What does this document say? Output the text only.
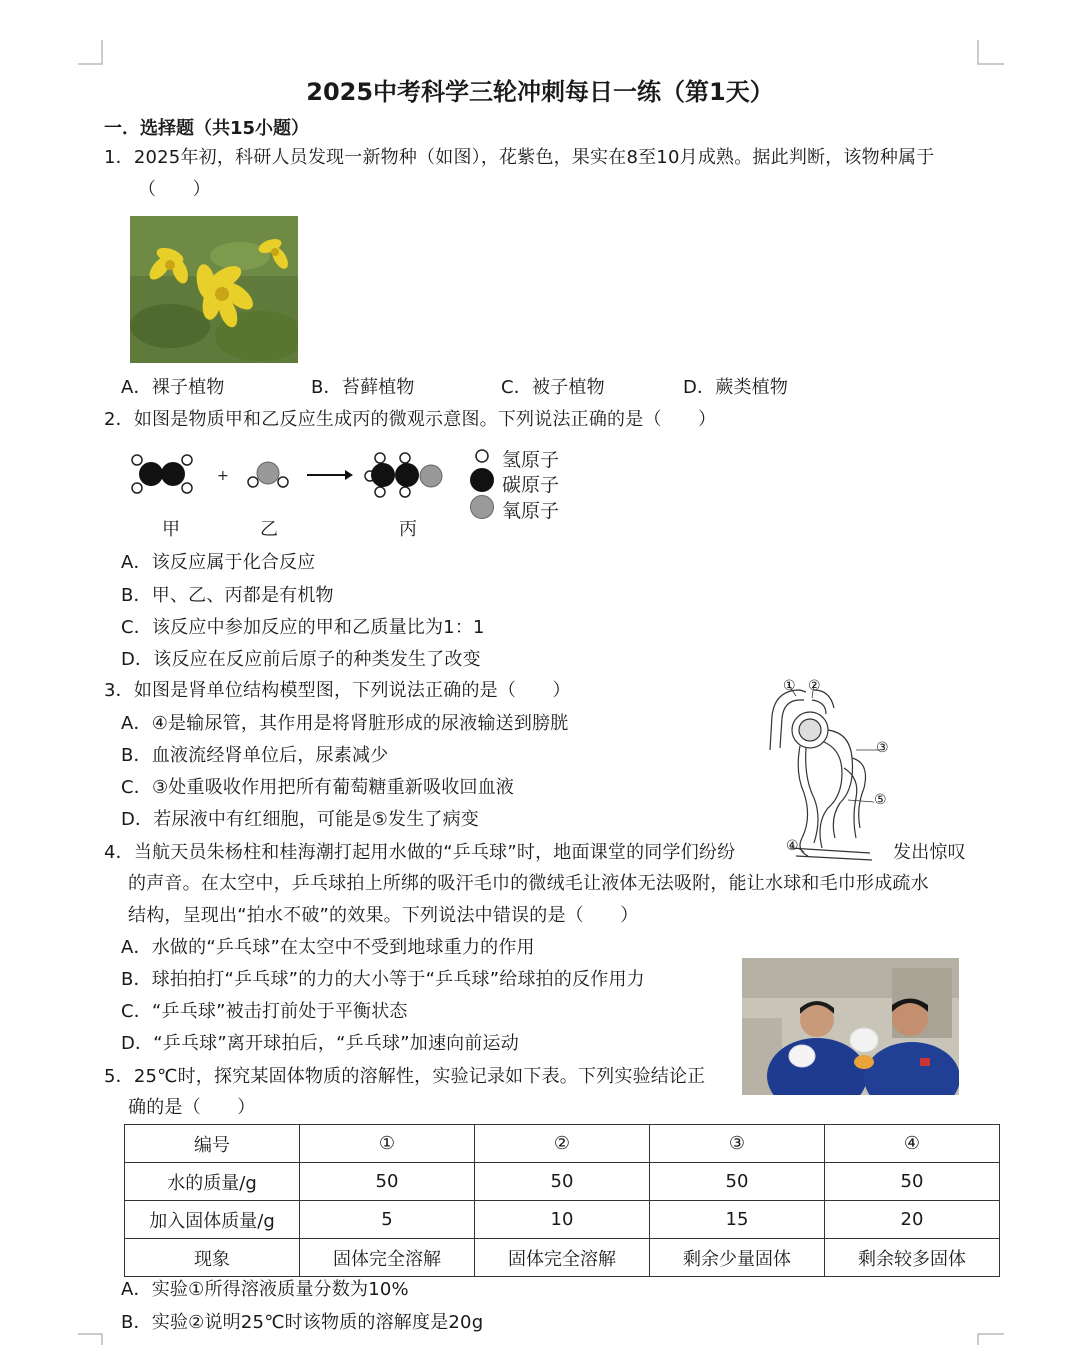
2025中考科学三轮冲刺每日一练（第1天）
一．选择题（共15小题）
1．2025年初，科研人员发现一新物种（如图），花紫色，果实在8至10月成熟。据此判断，该物种属于
（　　）
A．裸子植物	B．苔藓植物	C．被子植物	D．蕨类植物
2．如图是物质甲和乙反应生成丙的微观示意图。下列说法正确的是（　　）
+
甲	乙	丙
氢原子
碳原子
氧原子
A．该反应属于化合反应
B．甲、乙、丙都是有机物
C．该反应中参加反应的甲和乙质量比为1：1
D．该反应在反应前后原子的种类发生了改变
3．如图是肾单位结构模型图，下列说法正确的是（　　）
A．④是输尿管，其作用是将肾脏形成的尿液输送到膀胱
B．血液流经肾单位后，尿素减少
C．③处重吸收作用把所有葡萄糖重新吸收回血液
D．若尿液中有红细胞，可能是⑤发生了病变
① ②
③
⑤
④
4．当航天员朱杨柱和桂海潮打起用水做的“乒乓球”时，地面课堂的同学们纷纷	发出惊叹
的声音。在太空中，乒乓球拍上所绑的吸汗毛巾的微绒毛让液体无法吸附，能让水球和毛巾形成疏水
结构，呈现出“拍水不破”的效果。下列说法中错误的是（　　）
A．水做的“乒乓球”在太空中不受到地球重力的作用
B．球拍拍打“乒乓球”的力的大小等于“乒乓球”给球拍的反作用力
C．“乒乓球”被击打前处于平衡状态
D．“乒乓球”离开球拍后，“乒乓球”加速向前运动
5．25℃时，探究某固体物质的溶解性，实验记录如下表。下列实验结论正
确的是（　　）
编号	①	②	③	④
水的质量/g	50	50	50	50
加入固体质量/g	5	10	15	20
现象	固体完全溶解	固体完全溶解	剩余少量固体	剩余较多固体
A．实验①所得溶液质量分数为10%
B．实验②说明25℃时该物质的溶解度是20g
